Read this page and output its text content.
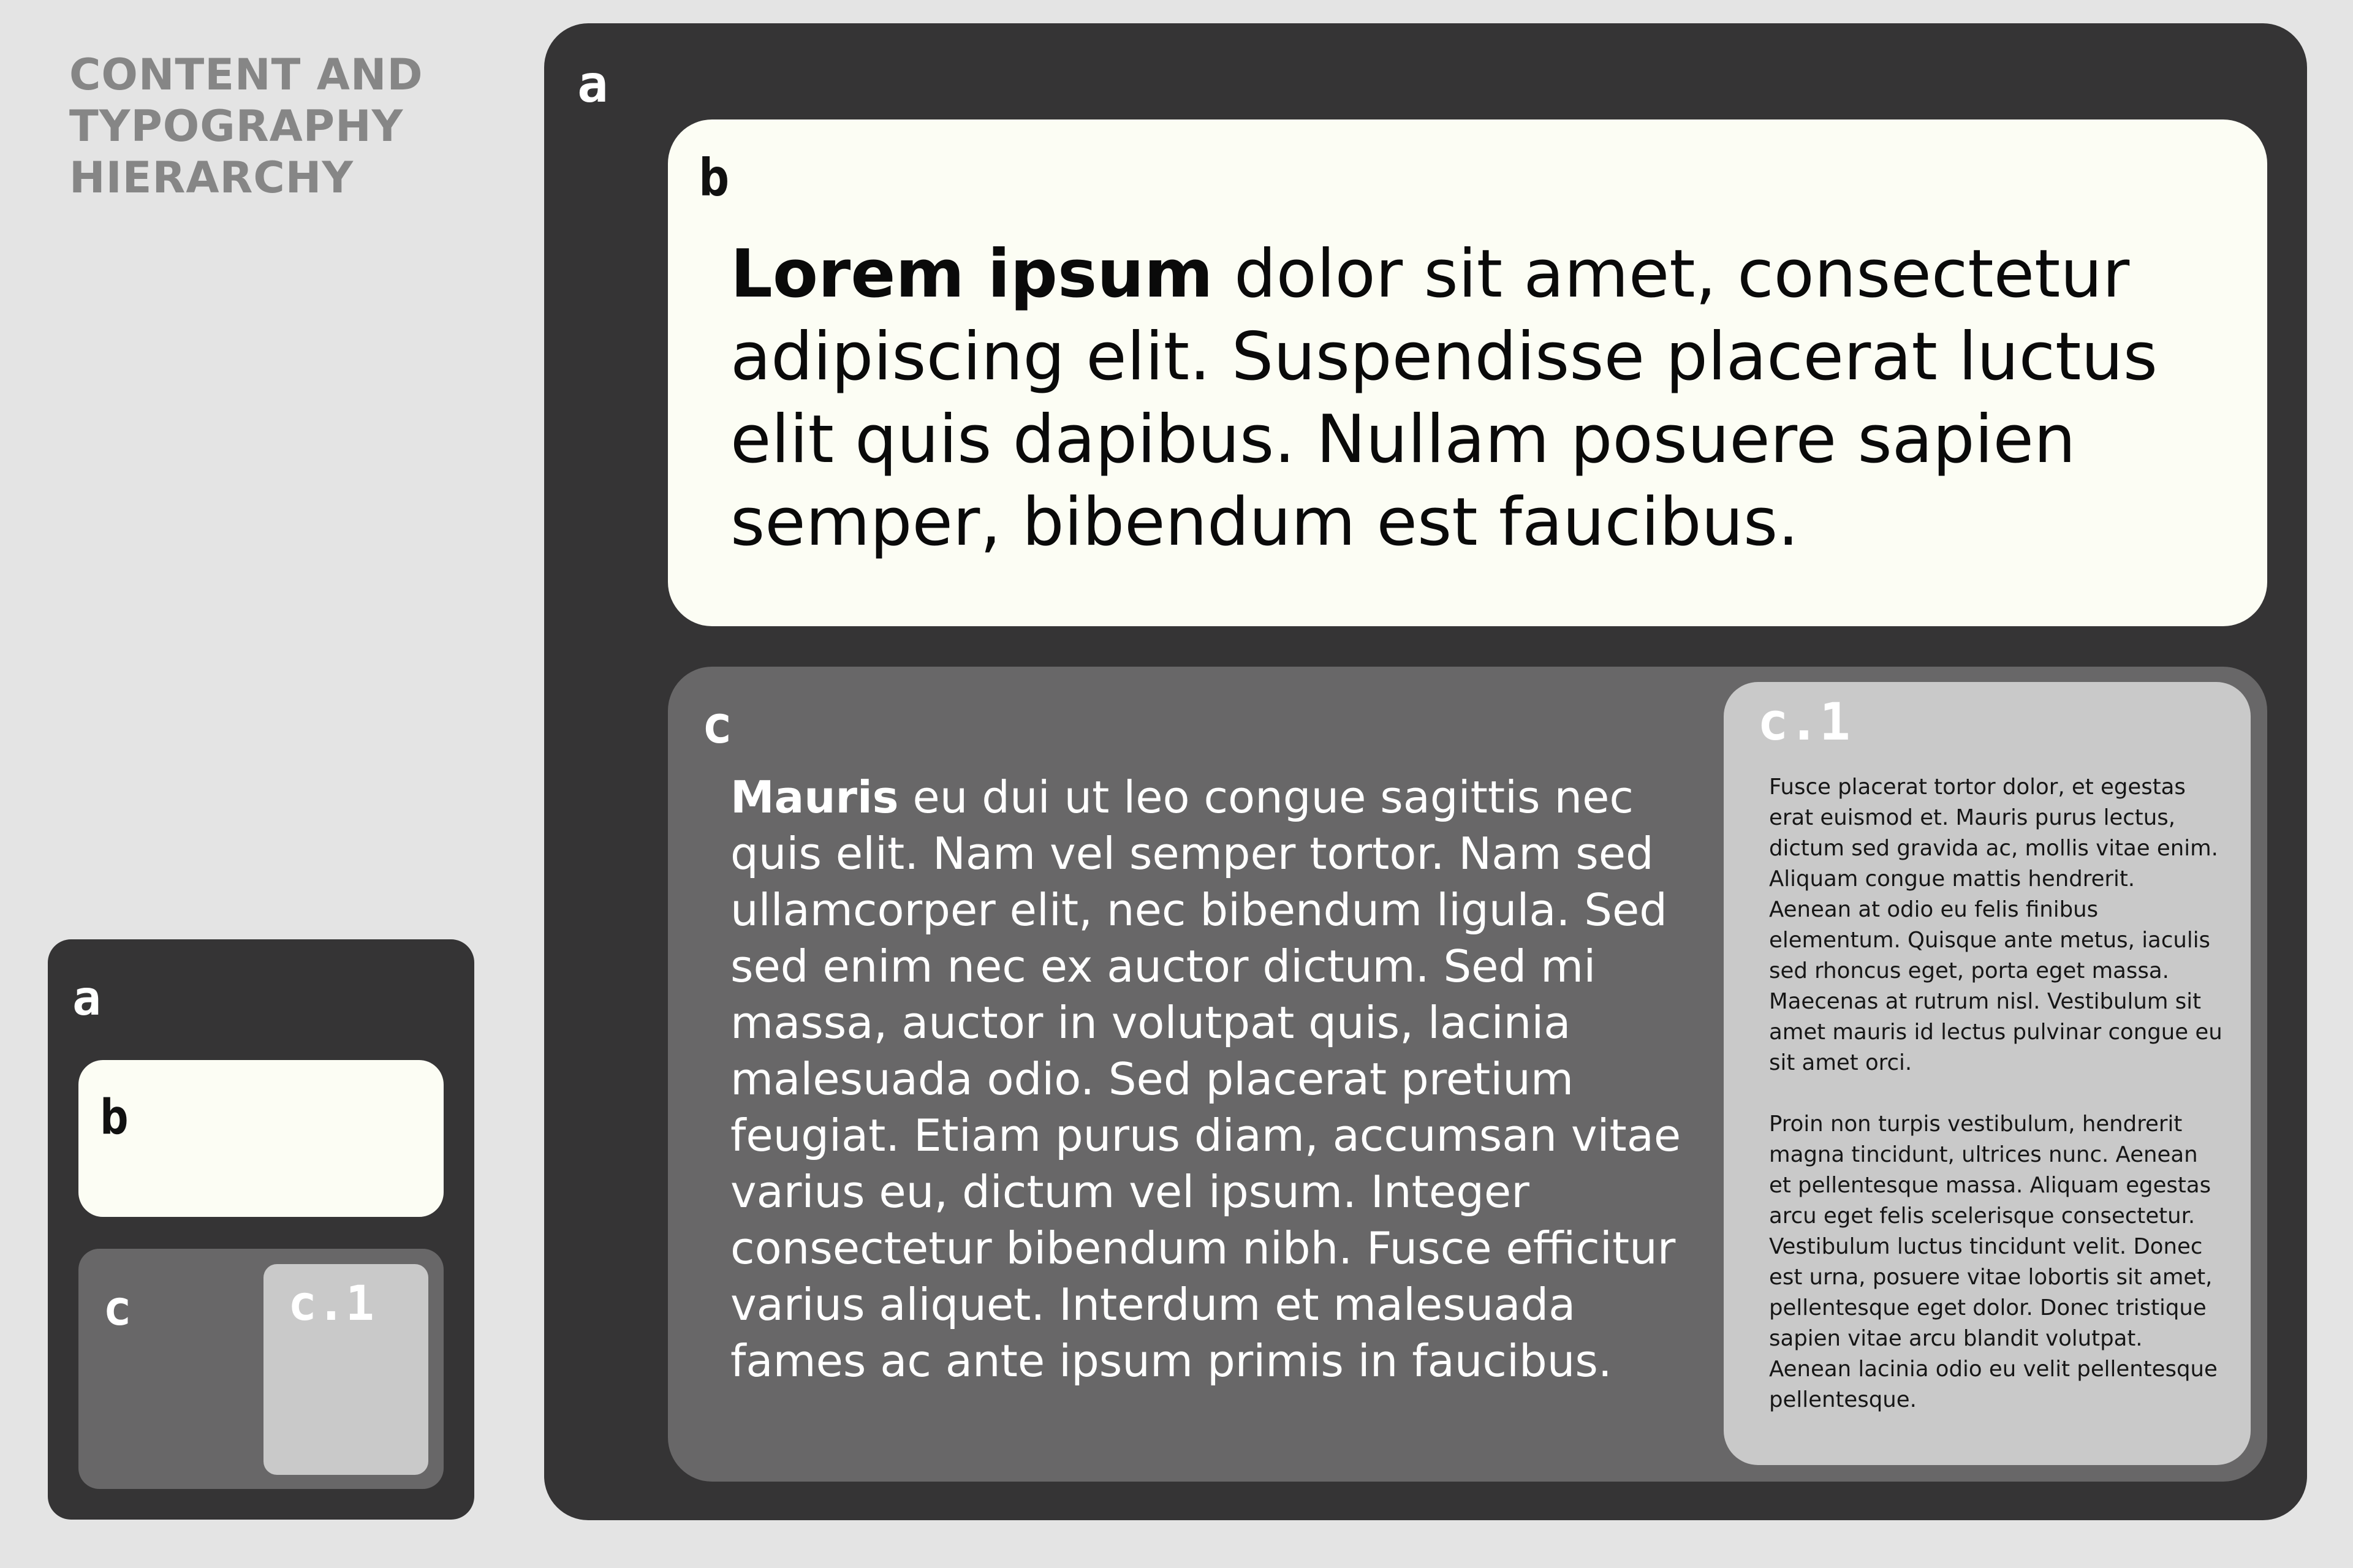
CONTENT AND
TYPOGRAPHY
HIERARCHY
a
b
c	c.1
a
b
Lorem ipsum dolor sit amet, consectetur adipiscing elit. Suspendisse placerat luctus elit quis dapibus. Nullam posuere sapien semper, bibendum est faucibus.
c
Mauris eu dui ut leo congue sagittis nec quis elit. Nam vel semper tortor. Nam sed ullamcorper elit, nec bibendum ligula. Sed sed enim nec ex auctor dictum. Sed mi massa, auctor in volutpat quis, lacinia malesuada odio. Sed placerat pretium feugiat. Etiam purus diam, accumsan vitae varius eu, dictum vel ipsum. Integer consectetur bibendum nibh. Fusce efficitur varius aliquet. Interdum et malesuada fames ac ante ipsum primis in faucibus.
c.1

Fusce placerat tortor dolor, et egestas erat euismod et. Mauris purus lectus, dictum sed gravida ac, mollis vitae enim. Aliquam congue mattis hendrerit. Aenean at odio eu felis finibus elementum. Quisque ante metus, iaculis sed rhoncus eget, porta eget massa. Maecenas at rutrum nisl. Vestibulum sit amet mauris id lectus pulvinar congue eu sit amet orci.

Proin non turpis vestibulum, hendrerit magna tincidunt, ultrices nunc. Aenean et pellentesque massa. Aliquam egestas arcu eget felis scelerisque consectetur. Vestibulum luctus tincidunt velit. Donec est urna, posuere vitae lobortis sit amet, pellentesque eget dolor. Donec tristique sapien vitae arcu blandit volutpat. Aenean lacinia odio eu velit pellentesque pellentesque.
